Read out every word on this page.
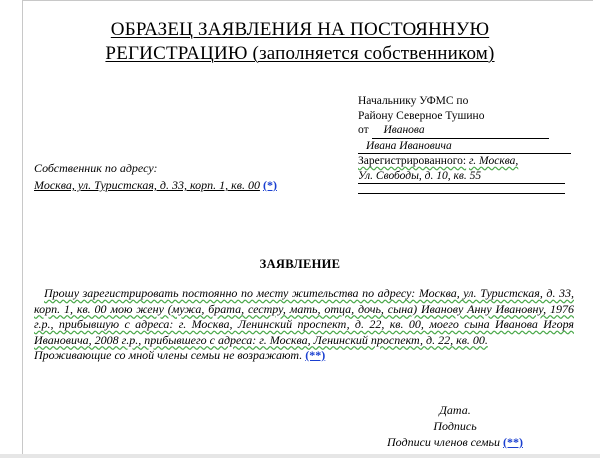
ОБРАЗЕЦ ЗАЯВЛЕНИЯ НА ПОСТОЯННУЮ
РЕГИСТРАЦИЮ (заполняется собственником)
Начальнику УФМС по
Району Северное Тушино
от Иванова
Ивана Ивановича
Зарегистрированного: г. Москва,
Ул. Свободы, д. 10, кв. 55
Собственник по адресу:
Москва, ул. Туристская, д. 33, корп. 1, кв. 00 (*)
ЗАЯВЛЕНИЕ
Прошу зарегистрировать постоянно по месту жительства по адресу: Москва, ул. Туристская, д. 33, корп. 1, кв. 00 мою жену (мужа, брата, сестру, мать, отца, дочь, сына) Иванову Анну Ивановну, 1976 г.р., прибывшую с адреса: г. Москва, Ленинский проспект, д. 22, кв. 00, моего сына Иванова Игоря Ивановича, 2008 г.р., прибывшего с адреса: г. Москва, Ленинский проспект, д. 22, кв. 00.
Проживающие со мной члены семьи не возражают. (**)
Дата.
Подпись
Подписи членов семьи (**)
